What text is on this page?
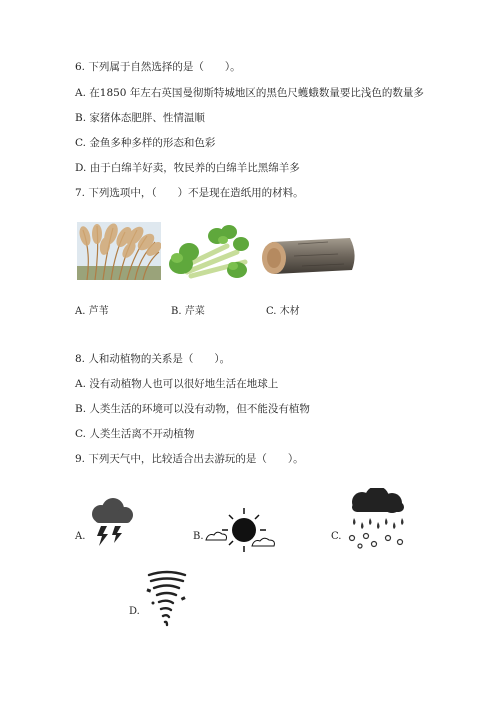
6. 下列属于自然选择的是（　　）。
A. 在1850 年左右英国曼彻斯特城地区的黑色尺蠖蛾数量要比浅色的数量多
B. 家猪体态肥胖、性情温顺
C. 金鱼多种多样的形态和色彩
D. 由于白绵羊好卖，牧民养的白绵羊比黑绵羊多
7. 下列选项中，（　　）不是现在造纸用的材料。
A. 芦苇	B. 芹菜	C. 木材
8. 人和动植物的关系是（　　）。
A. 没有动植物人也可以很好地生活在地球上
B. 人类生活的环境可以没有动物，但不能没有植物
C. 人类生活离不开动植物
9. 下列天气中，比较适合出去游玩的是（　　）。
A.	B.	C.
D.
